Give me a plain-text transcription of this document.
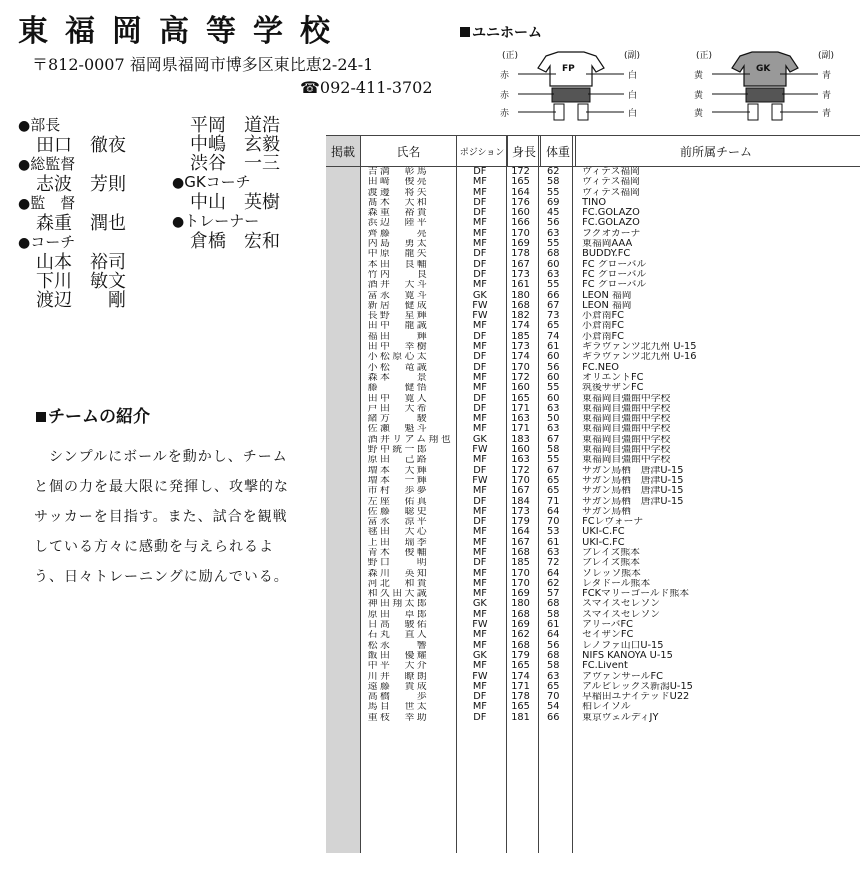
東福岡高等学校
〒812-0007 福岡県福岡市博多区東比恵2-24-1
☎092-411-3702
ユニホーム
(正)	(副)
FP
赤
赤
赤
白
白
白
(正)	(副)
GK
黄
黄
黄
青
青
青
● 部長
田口　徹夜
● 総監督
志波　芳則
● 監　督
森重　潤也
● コーチ
山本　裕司
下川　敏文
渡辺　　剛
平岡　道浩
中嶋　玄毅
渋谷　一三
● GKコーチ
中山　英樹
● トレーナー
倉橋　宏和
チームの紹介
　シンプルにボールを動かし、チームと個の力を最大限に発揮し、攻撃的なサッカーを目指す。また、試合を観戦している方々に感動を与えられるよう、日々トレーニングに励んでいる。
掲載	氏名	ポジション 身長 体重	前所属チーム
吉満　彰馬	DF	172	62	ヴィテス福岡
田﨑　俊亮	MF	165	58	ヴィテス福岡
渡邊　将矢	MF	164	55	ヴィテス福岡
髙木　大和	DF	176	69	TINO
森重　裕貴	DF	160	45	FC.GOLAZO
浜辺　陸平	MF	166	56	FC.GOLAZO
齊藤　　亮	MF	170	63	フクオカーナ
内島　勇太	MF	169	55	東福岡AAA
中原　龍矢	DF	178	68	BUDDY.FC
本田　良輔	DF	167	60	FC グローバル
竹内　　良	DF	173	63	FC グローバル
酒井　大斗	MF	161	55	FC グローバル
富永　寛斗	GK	180	66	LEON 福岡
新居　健成	FW	168	67	LEON 福岡
長野　星輝	FW	182	73	小倉南FC
田中　龍誠	MF	174	65	小倉南FC
福田　　輝	DF	185	74	小倉南FC
田中　幸樹	MF	173	61	ギラヴァンツ北九州 U-15
小松原心太	DF	174	60	ギラヴァンツ北九州 U-16
小松　竜誠	DF	170	56	FC.NEO
森本　　景	MF	172	60	オリエントFC
藤　　健悟	MF	160	55	筑後サザンFC
田中　寛人	DF	165	60	東福岡自彊館中学校
戸田　大希	DF	171	63	東福岡自彊館中学校
緒方　　駿	MF	163	50	東福岡自彊館中学校
佐瀬　魁斗	MF	171	63	東福岡自彊館中学校
酒井リアム翔也	GK	183	67	東福岡自彊館中学校
野中統一郎	FW	160	58	東福岡自彊館中学校
原田　己路	MF	163	55	東福岡自彊館中学校
増本　大輝	DF	172	67	サガン鳥栖　唐津U-15
増本　一輝	FW	170	65	サガン鳥栖　唐津U-15
市村　歩夢	MF	167	65	サガン鳥栖　唐津U-15
左座　佑真	DF	184	71	サガン鳥栖　唐津U-15
佐藤　聡史	MF	173	64	サガン鳥栖
富永　涼平	DF	179	70	FCレヴォーナ
毬田　大心	MF	164	53	UKI-C.FC
上田　瑞季	MF	167	61	UKI-C.FC
青木　俊輔	MF	168	63	ブレイズ熊本
野口　　明	DF	185	72	ブレイズ熊本
森川　英知	MF	170	64	ソレッソ熊本
河北　和貴	MF	170	62	レタドール熊本
和久田大誠	MF	169	57	FCKマリーゴールド熊本
神田翔太郎	GK	180	68	スマイスセレソン
原田　卓郎	MF	168	58	スマイスセレソン
日高　駿佑	FW	169	61	アリーバFC
石丸　直人	MF	162	64	セイザンFC
松永　　響	MF	168	56	レノファ山口U-15
飯田　優耀	GK	179	68	NIFS KANOYA U-15
中平　大介	MF	165	58	FC.Livent
川井　瞭朗	FW	174	63	アヴァンサールFC
遠藤　貴成	MF	171	65	アルビレックス新潟U-15
高橋　　歩	DF	178	70	早稲田ユナイテッドU22
馬目　世太	MF	165	54	柏レイソル
重枝　幸助	DF	181	66	東京ヴェルディJY
